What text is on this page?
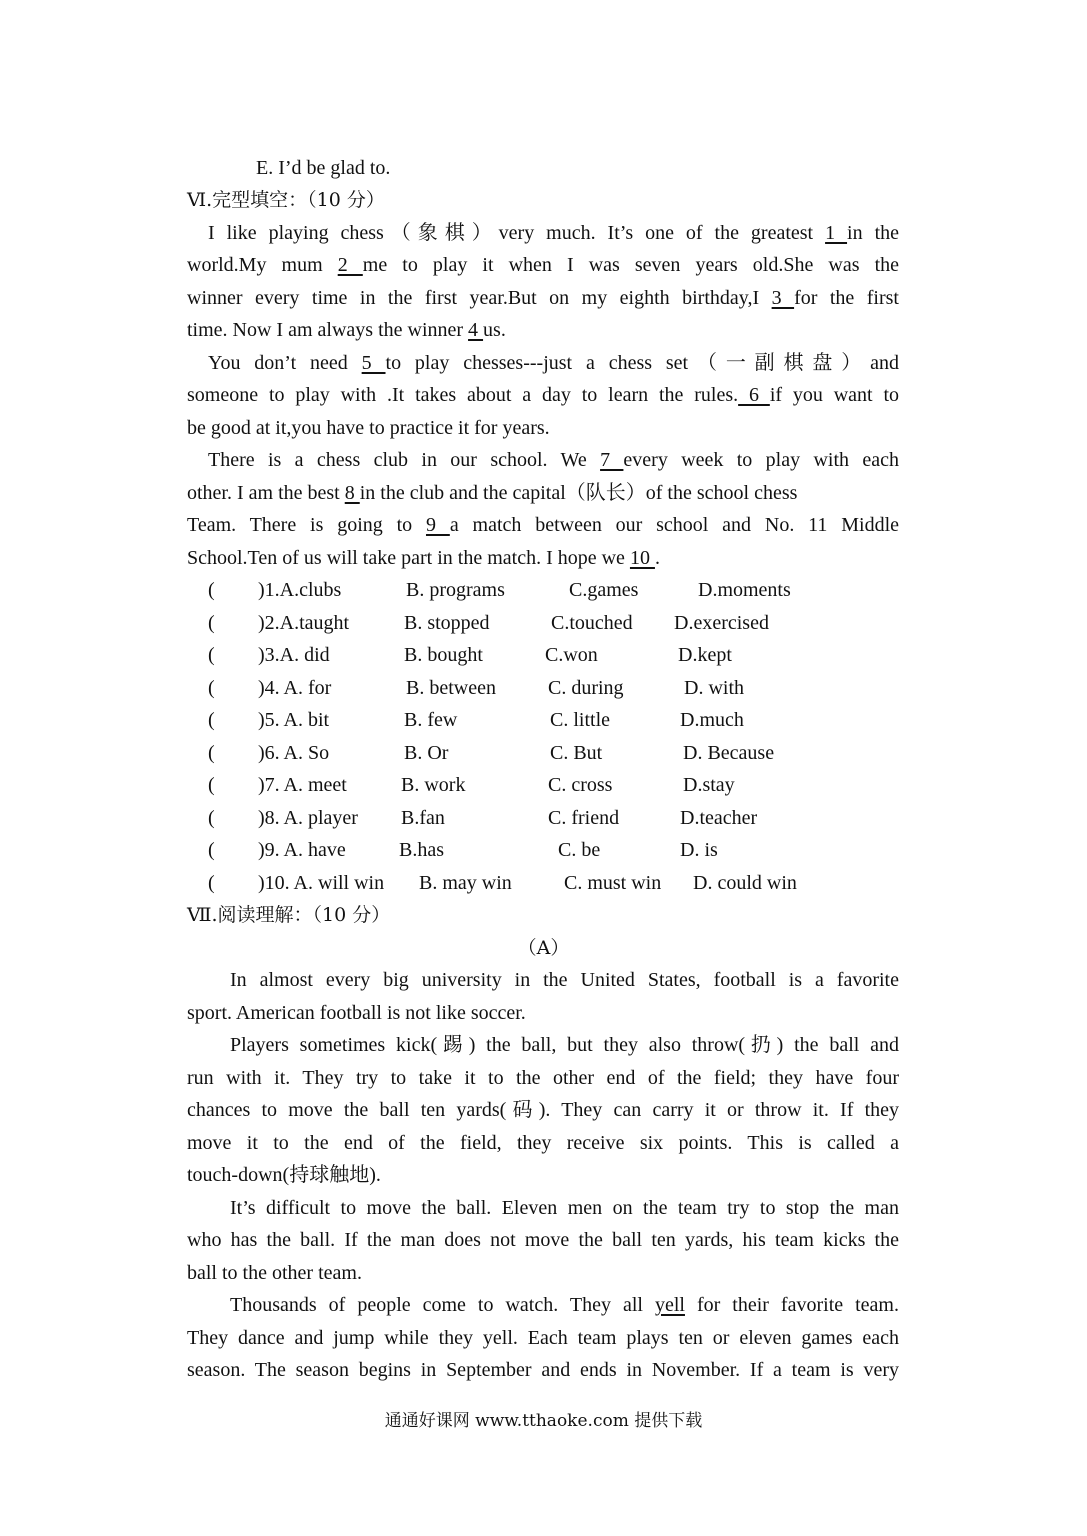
E. I’d be glad to.
Ⅵ.完型填空：（10 分）
I like playing chess（象棋）very much. It’s one of the greatest 1 in the
world.My mum 2 me to play it when I was seven years old.She was the
winner every time in the first year.But on my eighth birthday,I 3 for the first
time. Now I am always the winner 4 us.
You don’t need 5 to play chesses---just a chess set（一副棋盘）and
someone to play with .It takes about a day to learn the rules. 6 if you want to
be good at it,you have to practice it for years.
There is a chess club in our school. We 7 every week to play with each
other. I am the best 8 in the club and the capital（队长）of the school chess
Team. There is going to 9 a match between our school and No. 11 Middle
School.Ten of us will take part in the match. I hope we 10 .
( )1.A.clubs	B. programs	C.games	D.moments
( )2.A.taught	B. stopped	C.touched D.exercised
( )3.A. did	B. bought	C.won	D.kept
( )4. A. for	B. between	C. during	D. with
( )5. A. bit	B. few	C. little	D.much
( )6. A. So	B. Or	C. But	D. Because
( )7. A. meet	B. work	C. cross	D.stay
( )8. A. player B.fan	C. friend	D.teacher
( )9. A. have	B.has	C. be	D. is
( )10. A. will win B. may win	C. must win D. could win
Ⅶ.阅读理解：（10 分）
（A）
In almost every big university in the United States, football is a favorite
sport. American football is not like soccer.
Players sometimes kick(踢) the ball, but they also throw(扔) the ball and
run with it. They try to take it to the other end of the field; they have four
chances to move the ball ten yards(码). They can carry it or throw it. If they
move it to the end of the field, they receive six points. This is called a
touch-down(持球触地).
It’s difficult to move the ball. Eleven men on the team try to stop the man
who has the ball. If the man does not move the ball ten yards, his team kicks the
ball to the other team.
Thousands of people come to watch. They all yell for their favorite team.
They dance and jump while they yell. Each team plays ten or eleven games each
season. The season begins in September and ends in November. If a team is very
通通好课网 www.tthaoke.com 提供下载
